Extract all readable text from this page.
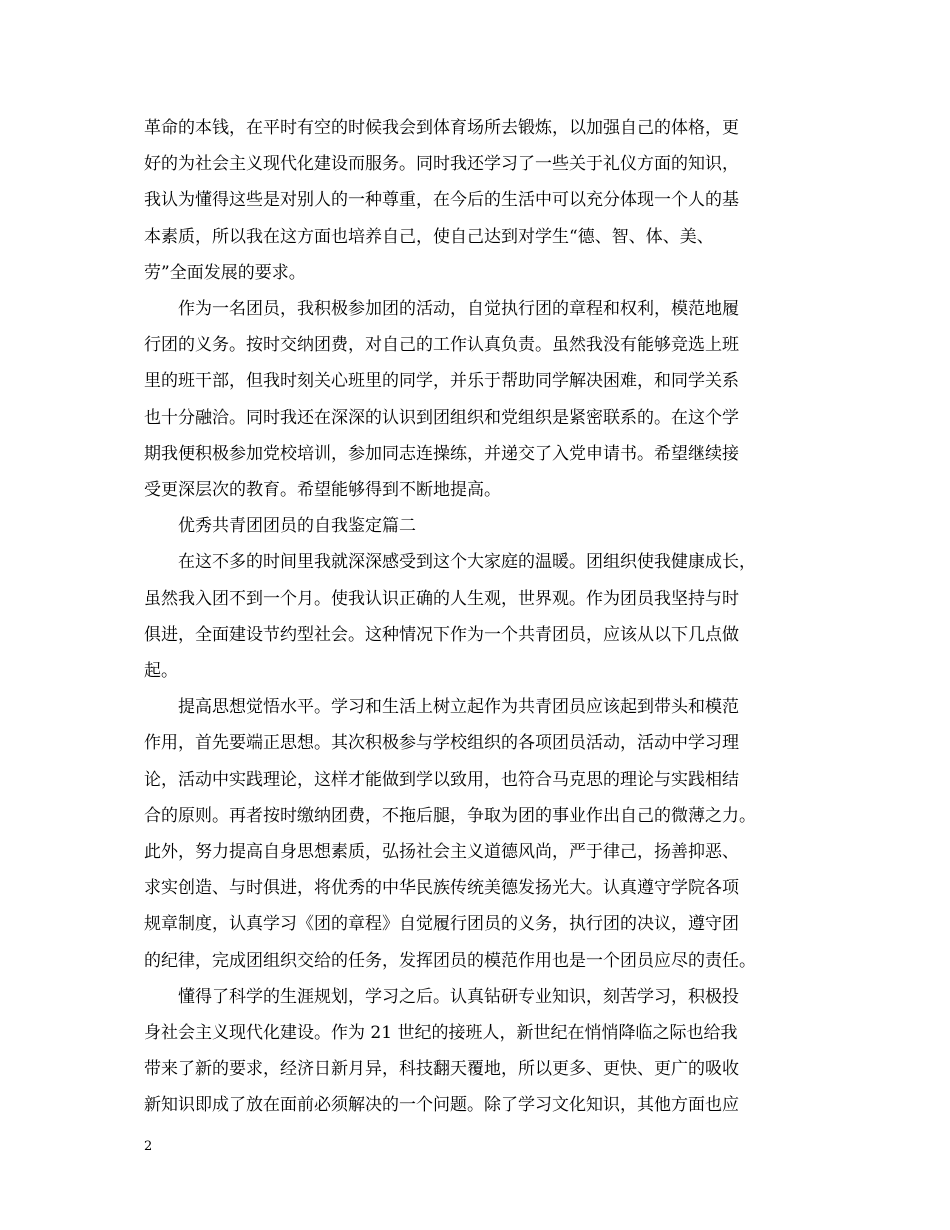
革命的本钱，在平时有空的时候我会到体育场所去锻炼，以加强自己的体格，更
好的为社会主义现代化建设而服务。同时我还学习了一些关于礼仪方面的知识，
我认为懂得这些是对别人的一种尊重，在今后的生活中可以充分体现一个人的基
本素质，所以我在这方面也培养自己，使自己达到对学生“德、智、体、美、
劳”全面发展的要求。
作为一名团员，我积极参加团的活动，自觉执行团的章程和权利，模范地履
行团的义务。按时交纳团费，对自己的工作认真负责。虽然我没有能够竞选上班
里的班干部，但我时刻关心班里的同学，并乐于帮助同学解决困难，和同学关系
也十分融洽。同时我还在深深的认识到团组织和党组织是紧密联系的。在这个学
期我便积极参加党校培训，参加同志连操练，并递交了入党申请书。希望继续接
受更深层次的教育。希望能够得到不断地提高。
优秀共青团团员的自我鉴定篇二
在这不多的时间里我就深深感受到这个大家庭的温暖。团组织使我健康成长，
虽然我入团不到一个月。使我认识正确的人生观，世界观。作为团员我坚持与时
俱进，全面建设节约型社会。这种情况下作为一个共青团员，应该从以下几点做
起。
提高思想觉悟水平。学习和生活上树立起作为共青团员应该起到带头和模范
作用，首先要端正思想。其次积极参与学校组织的各项团员活动，活动中学习理
论，活动中实践理论，这样才能做到学以致用，也符合马克思的理论与实践相结
合的原则。再者按时缴纳团费，不拖后腿，争取为团的事业作出自己的微薄之力。
此外，努力提高自身思想素质，弘扬社会主义道德风尚，严于律己，扬善抑恶、
求实创造、与时俱进，将优秀的中华民族传统美德发扬光大。认真遵守学院各项
规章制度，认真学习《团的章程》自觉履行团员的义务，执行团的决议，遵守团
的纪律，完成团组织交给的任务，发挥团员的模范作用也是一个团员应尽的责任。
懂得了科学的生涯规划，学习之后。认真钻研专业知识，刻苦学习，积极投
身社会主义现代化建设。作为 21 世纪的接班人，新世纪在悄悄降临之际也给我
带来了新的要求，经济日新月异，科技翻天覆地，所以更多、更快、更广的吸收
新知识即成了放在面前必须解决的一个问题。除了学习文化知识，其他方面也应
2
